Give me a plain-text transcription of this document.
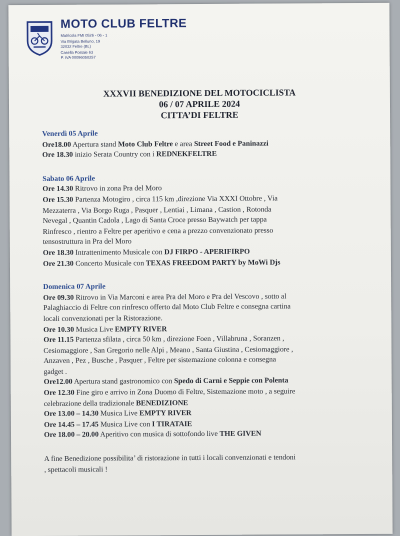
MOTO CLUB FELTRE
Matricola FMI 0526 - 06 - 1
Via Brigata Belluno, 19
32032 Feltre (BL)
Casella Postale 63
P. IVA 00096050257
XXXVII BENEDIZIONE DEL MOTOCICLISTA
06 / 07 APRILE 2024
CITTA’DI FELTRE
Venerdì 05 Aprile
Ore18.00 Apertura stand Moto Club Feltre e area Street Food e Paninazzi
Ore 18.30 inizio Serata Country con i REDNEKFELTRE
Sabato 06 Aprile
Ore 14.30 Ritrovo in zona Pra del Moro
Ore 15.30 Partenza Motogiro , circa 115 km ,direzione Via XXXI Ottobre , Via
Mezzaterra , Via Borgo Ruga , Pasquer , Lentiai , Limana , Castion , Rotonda
Nevegal , Quantin Cadola , Lago di Santa Croce presso Baywatch per tappa
Rinfresco , rientro a Feltre per aperitivo e cena a prezzo convenzionato presso
tensostruttura in Pra del Moro
Ore 18.30 Intrattenimento Musicale con DJ FIRPO - APERIFIRPO
Ore 21.30 Concerto Musicale con TEXAS FREEDOM PARTY by MoWi Djs
Domenica 07 Aprile
Ore 09.30 Ritrovo in Via Marconi e area Pra del Moro e Pra del Vescovo , sotto al
Palaghiaccio di Feltre con rinfresco offerto dal Moto Club Feltre e consegna cartina
locali convenzionati per la Ristorazione.
Ore 10.30 Musica Live EMPTY RIVER
Ore 11.15 Partenza sfilata , circa 50 km , direzione Foen , Villabruna , Soranzen ,
Cesiomaggiore , San Gregorio nelle Alpi , Meano , Santa Giustina , Cesiomaggiore ,
Anzaven , Pez , Busche , Pasquer , Feltre per sistemazione colonna e consegna
gadget .
Ore12.00 Apertura stand gastronomico con Spedo di Carni e Seppie con Polenta
Ore 12.30 Fine giro e arrivo in Zona Duomo di Feltre, Sistemazione moto , a seguire
celebrazione della tradizionale BENEDIZIONE
Ore 13.00 – 14.30 Musica Live EMPTY RIVER
Ore 14.45 – 17.45 Musica Live con I TIRATAIE
Ore 18.00 – 20.00 Aperitivo con musica di sottofondo live THE GIVEN
A fine Benedizione possibilita’ di ristorazione in tutti i locali convenzionati e tendoni
, spettacoli musicali !
